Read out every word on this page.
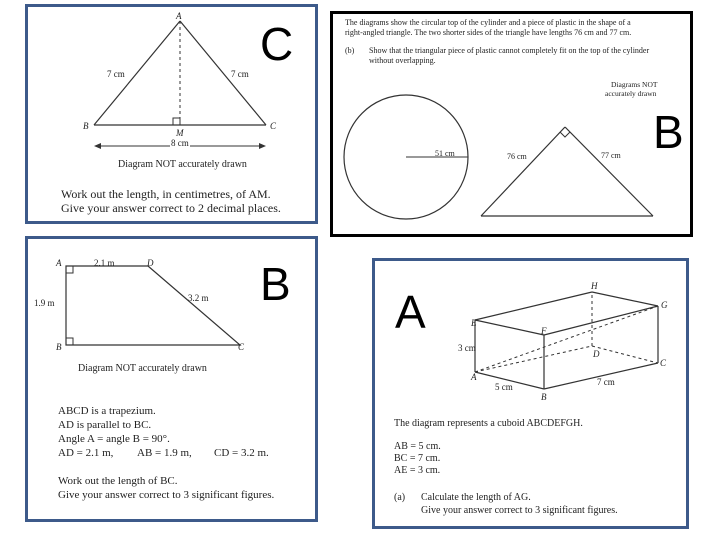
A
B	C
M
7 cm	7 cm
8 cm
Diagram NOT accurately drawn
C
Work out the length, in centimetres, of AM.
Give your answer correct to 2 decimal places.
The diagrams show the circular top of the cylinder and a piece of plastic in the shape of a
right-angled triangle. The two shorter sides of the triangle have lengths 76 cm and 77 cm.
(b) Show that the triangular piece of plastic cannot completely fit on the top of the cylinder
without overlapping.
Diagrams NOT
accurately drawn
51 cm	76 cm	77 cm B
A	D
B	C
2.1 m
1.9 m	3.2 m
Diagram NOT accurately drawn
B
ABCD is a trapezium.
AD is parallel to BC.
Angle A = angle B = 90°.
AD = 2.1 m, AB = 1.9 m, CD = 3.2 m.
Work out the length of BC.
Give your answer correct to 3 significant figures.
H
G
E
F
D
C
A
B
3 cm
5 cm	7 cm
A
The diagram represents a cuboid ABCDEFGH.
AB = 5 cm.
BC = 7 cm.
AE = 3 cm.
(a) Calculate the length of AG.
Give your answer correct to 3 significant figures.
